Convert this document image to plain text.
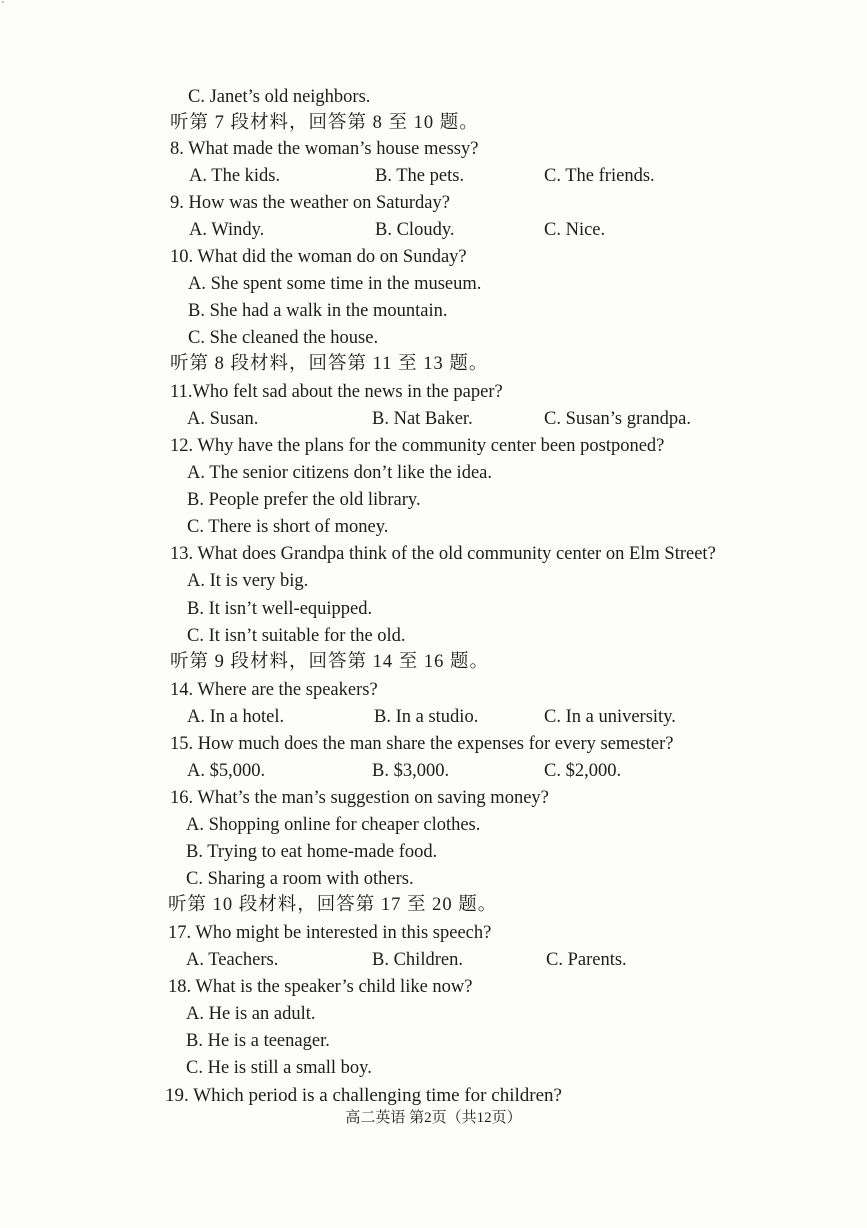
'
C. Janet’s old neighbors.
听第 7 段材料，回答第 8 至 10 题。
8. What made the woman’s house messy?
A. The kids.	B. The pets.	C. The friends.
9. How was the weather on Saturday?
A. Windy.	B. Cloudy.	C. Nice.
10. What did the woman do on Sunday?
A. She spent some time in the museum.
B. She had a walk in the mountain.
C. She cleaned the house.
听第 8 段材料，回答第 11 至 13 题。
11.Who felt sad about the news in the paper?
A. Susan.	B. Nat Baker.	C. Susan’s grandpa.
12. Why have the plans for the community center been postponed?
A. The senior citizens don’t like the idea.
B. People prefer the old library.
C. There is short of money.
13. What does Grandpa think of the old community center on Elm Street?
A. It is very big.
B. It isn’t well-equipped.
C. It isn’t suitable for the old.
听第 9 段材料，回答第 14 至 16 题。
14. Where are the speakers?
A. In a hotel.	B. In a studio.	C. In a university.
15. How much does the man share the expenses for every semester?
A. $5,000.	B. $3,000.	C. $2,000.
16. What’s the man’s suggestion on saving money?
A. Shopping online for cheaper clothes.
B. Trying to eat home-made food.
C. Sharing a room with others.
听第 10 段材料，回答第 17 至 20 题。
17. Who might be interested in this speech?
A. Teachers.	B. Children.	C. Parents.
18. What is the speaker’s child like now?
A. He is an adult.
B. He is a teenager.
C. He is still a small boy.
19. Which period is a challenging time for children?
高二英语 第2页（共12页）
